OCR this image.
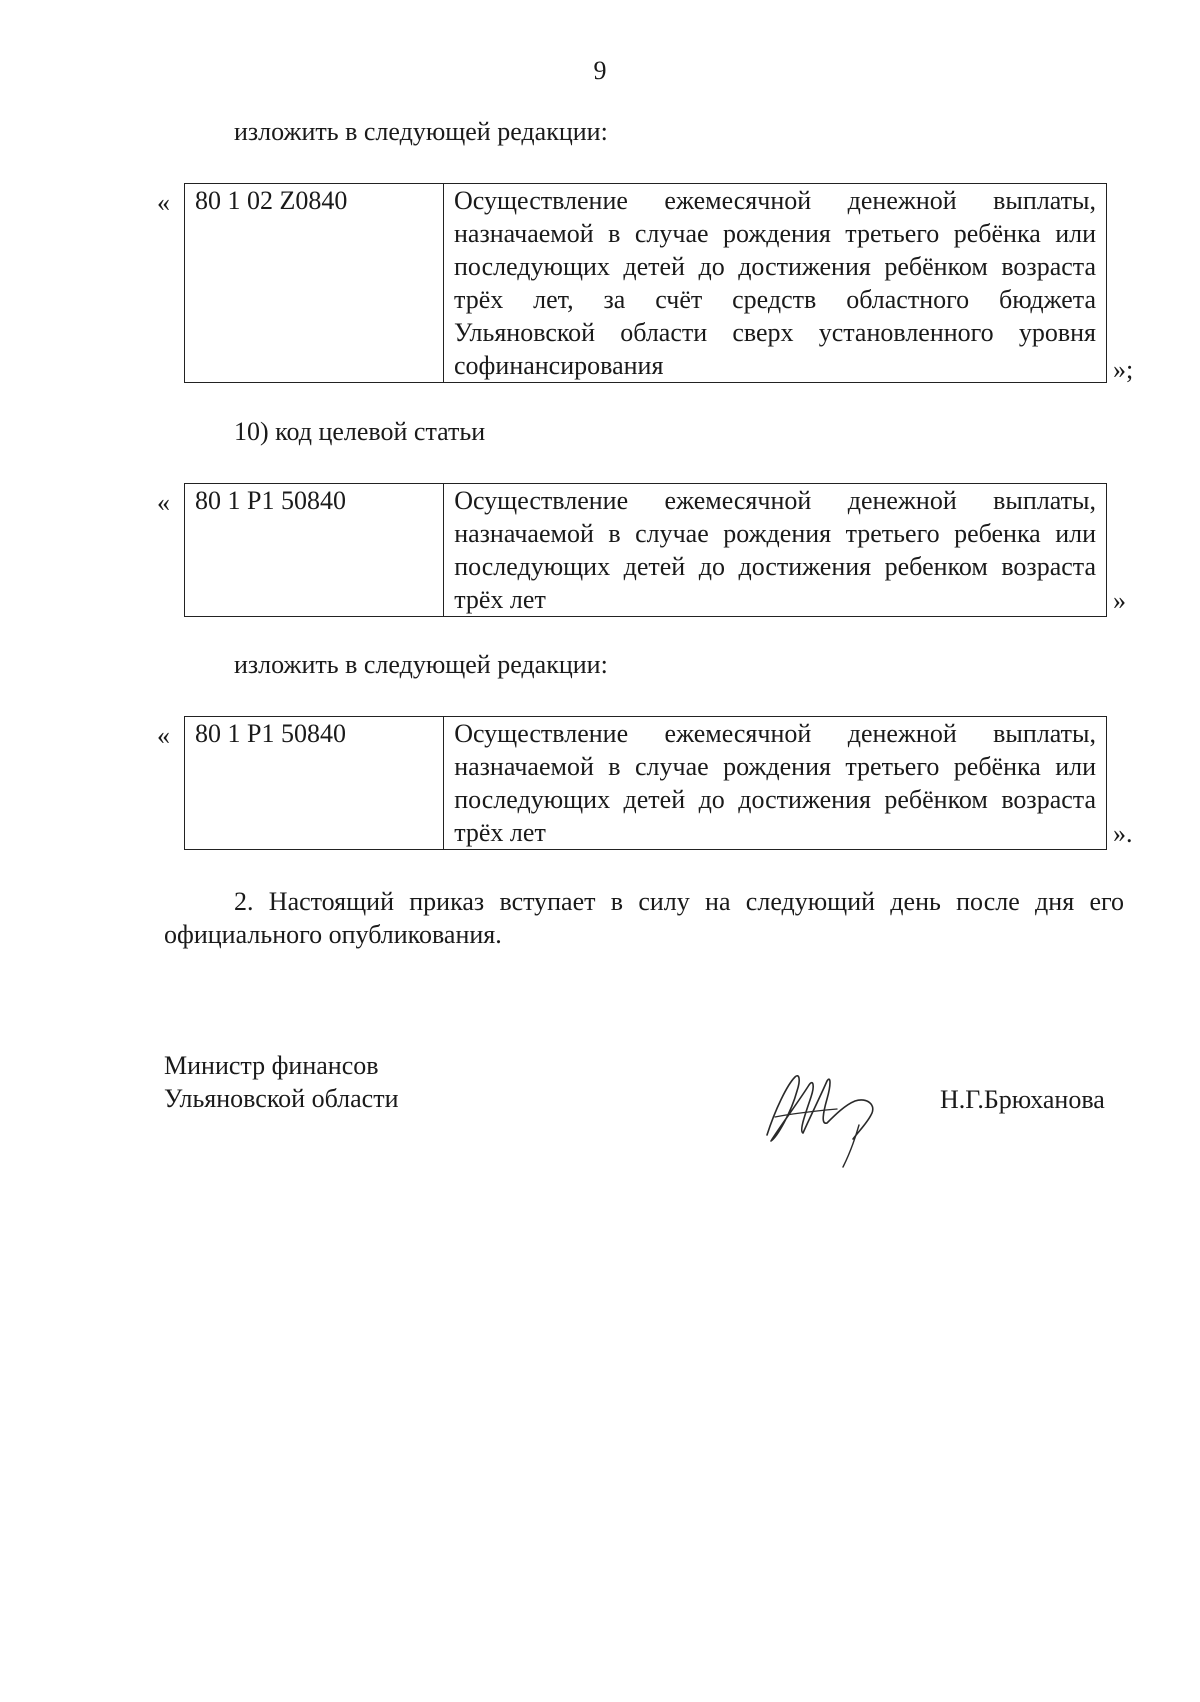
9
изложить в следующей редакции:
« 80 1 02 Z0840	Осуществление ежемесячной денежной выплаты, назначаемой в случае рождения третьего ребёнка или последующих детей до достижения ребёнком возраста трёх лет, за счёт средств областного бюджета Ульяновской области сверх установленного уровня софинансирования	»;
10) код целевой статьи
« 80 1 P1 50840	Осуществление ежемесячной денежной выплаты, назначаемой в случае рождения третьего ребенка или последующих детей до достижения ребенком возраста трёх лет	»
изложить в следующей редакции:
« 80 1 P1 50840	Осуществление ежемесячной денежной выплаты, назначаемой в случае рождения третьего ребёнка или последующих детей до достижения ребёнком возраста трёх лет	».
2. Настоящий приказ вступает в силу на следующий день после дня его официального опубликования.
Министр финансов
Ульяновской области	Н.Г.Брюханова
